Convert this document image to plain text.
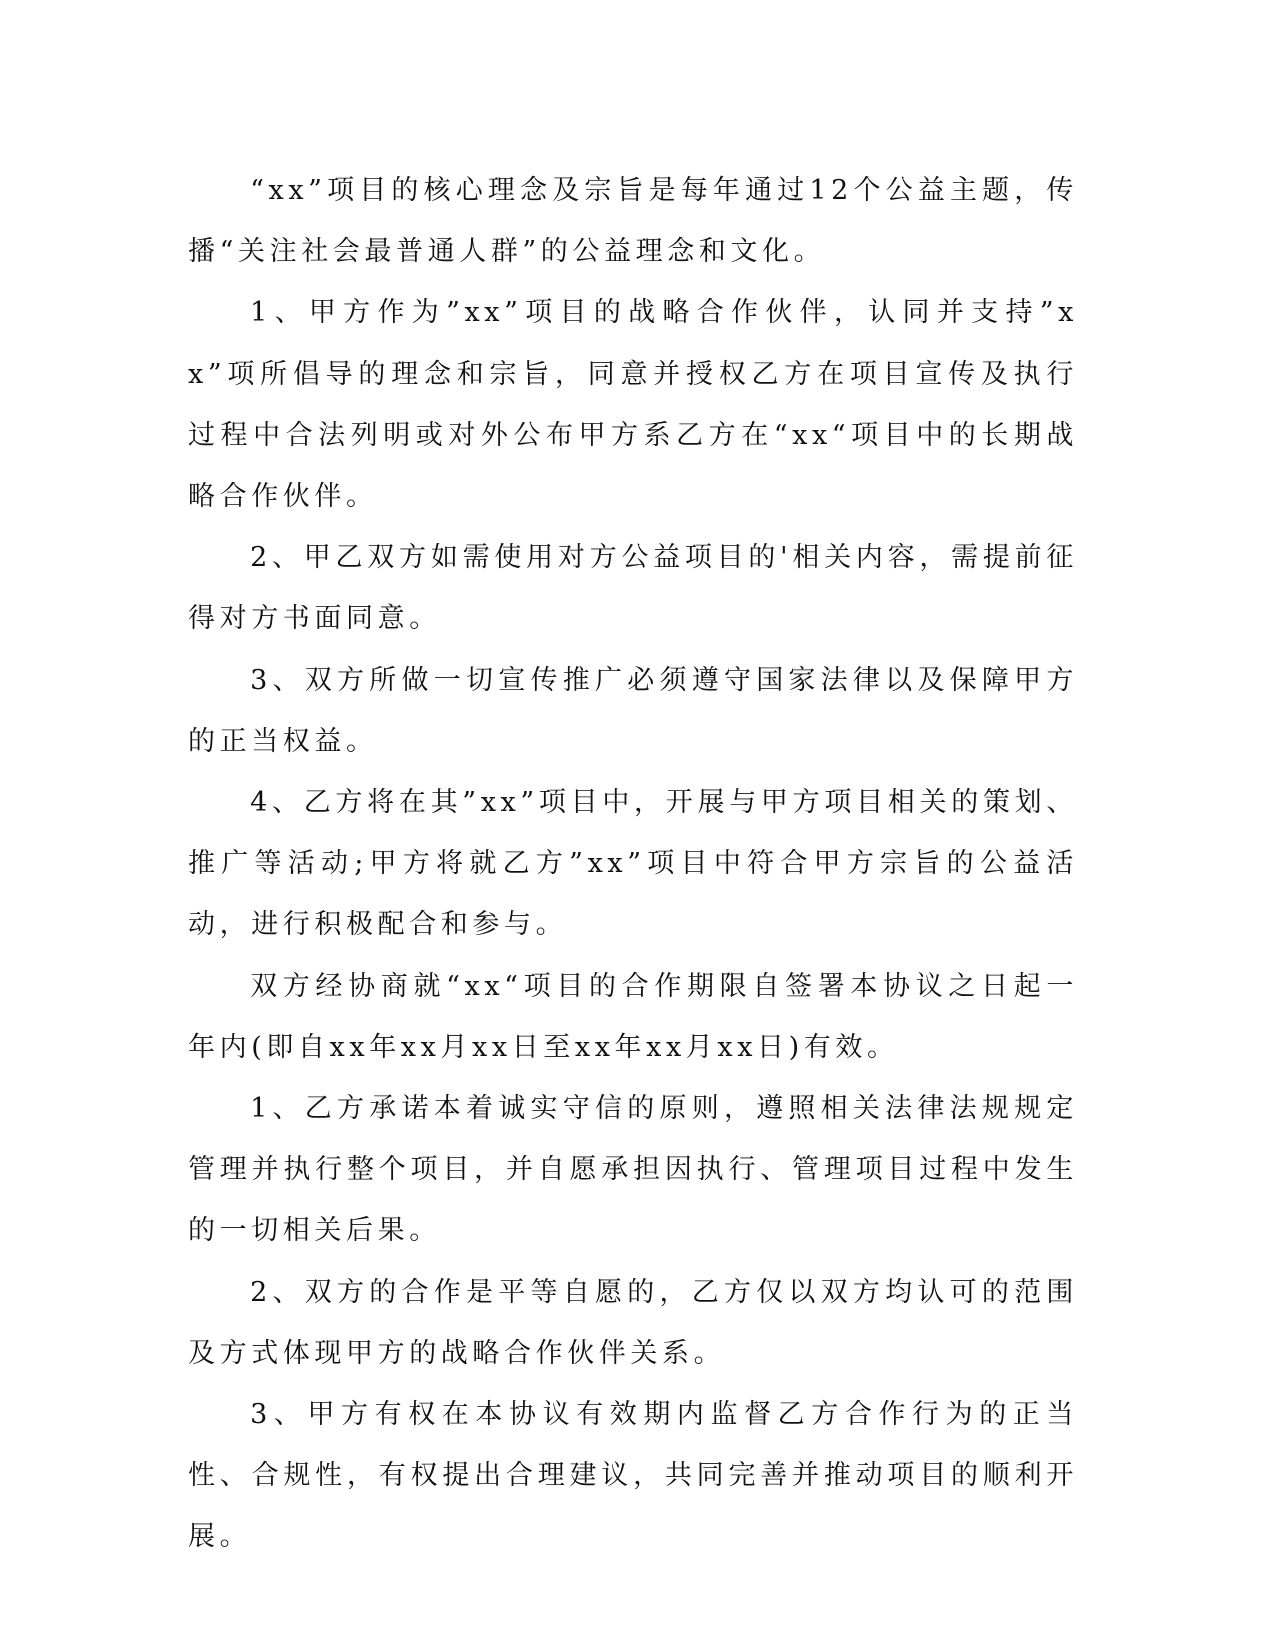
“xx”项目的核心理念及宗旨是每年通过12个公益主题，传播“关注社会最普通人群”的公益理念和文化。

1、甲方作为”xx”项目的战略合作伙伴，认同并支持”xx”项所倡导的理念和宗旨，同意并授权乙方在项目宣传及执行过程中合法列明或对外公布甲方系乙方在“xx“项目中的长期战略合作伙伴。

2、甲乙双方如需使用对方公益项目的'相关内容，需提前征得对方书面同意。

3、双方所做一切宣传推广必须遵守国家法律以及保障甲方的正当权益。

4、乙方将在其”xx”项目中，开展与甲方项目相关的策划、推广等活动;甲方将就乙方”xx”项目中符合甲方宗旨的公益活动，进行积极配合和参与。

双方经协商就“xx“项目的合作期限自签署本协议之日起一年内(即自xx年xx月xx日至xx年xx月xx日)有效。

1、乙方承诺本着诚实守信的原则，遵照相关法律法规规定管理并执行整个项目，并自愿承担因执行、管理项目过程中发生的一切相关后果。

2、双方的合作是平等自愿的，乙方仅以双方均认可的范围及方式体现甲方的战略合作伙伴关系。

3、甲方有权在本协议有效期内监督乙方合作行为的正当性、合规性，有权提出合理建议，共同完善并推动项目的顺利开展。
